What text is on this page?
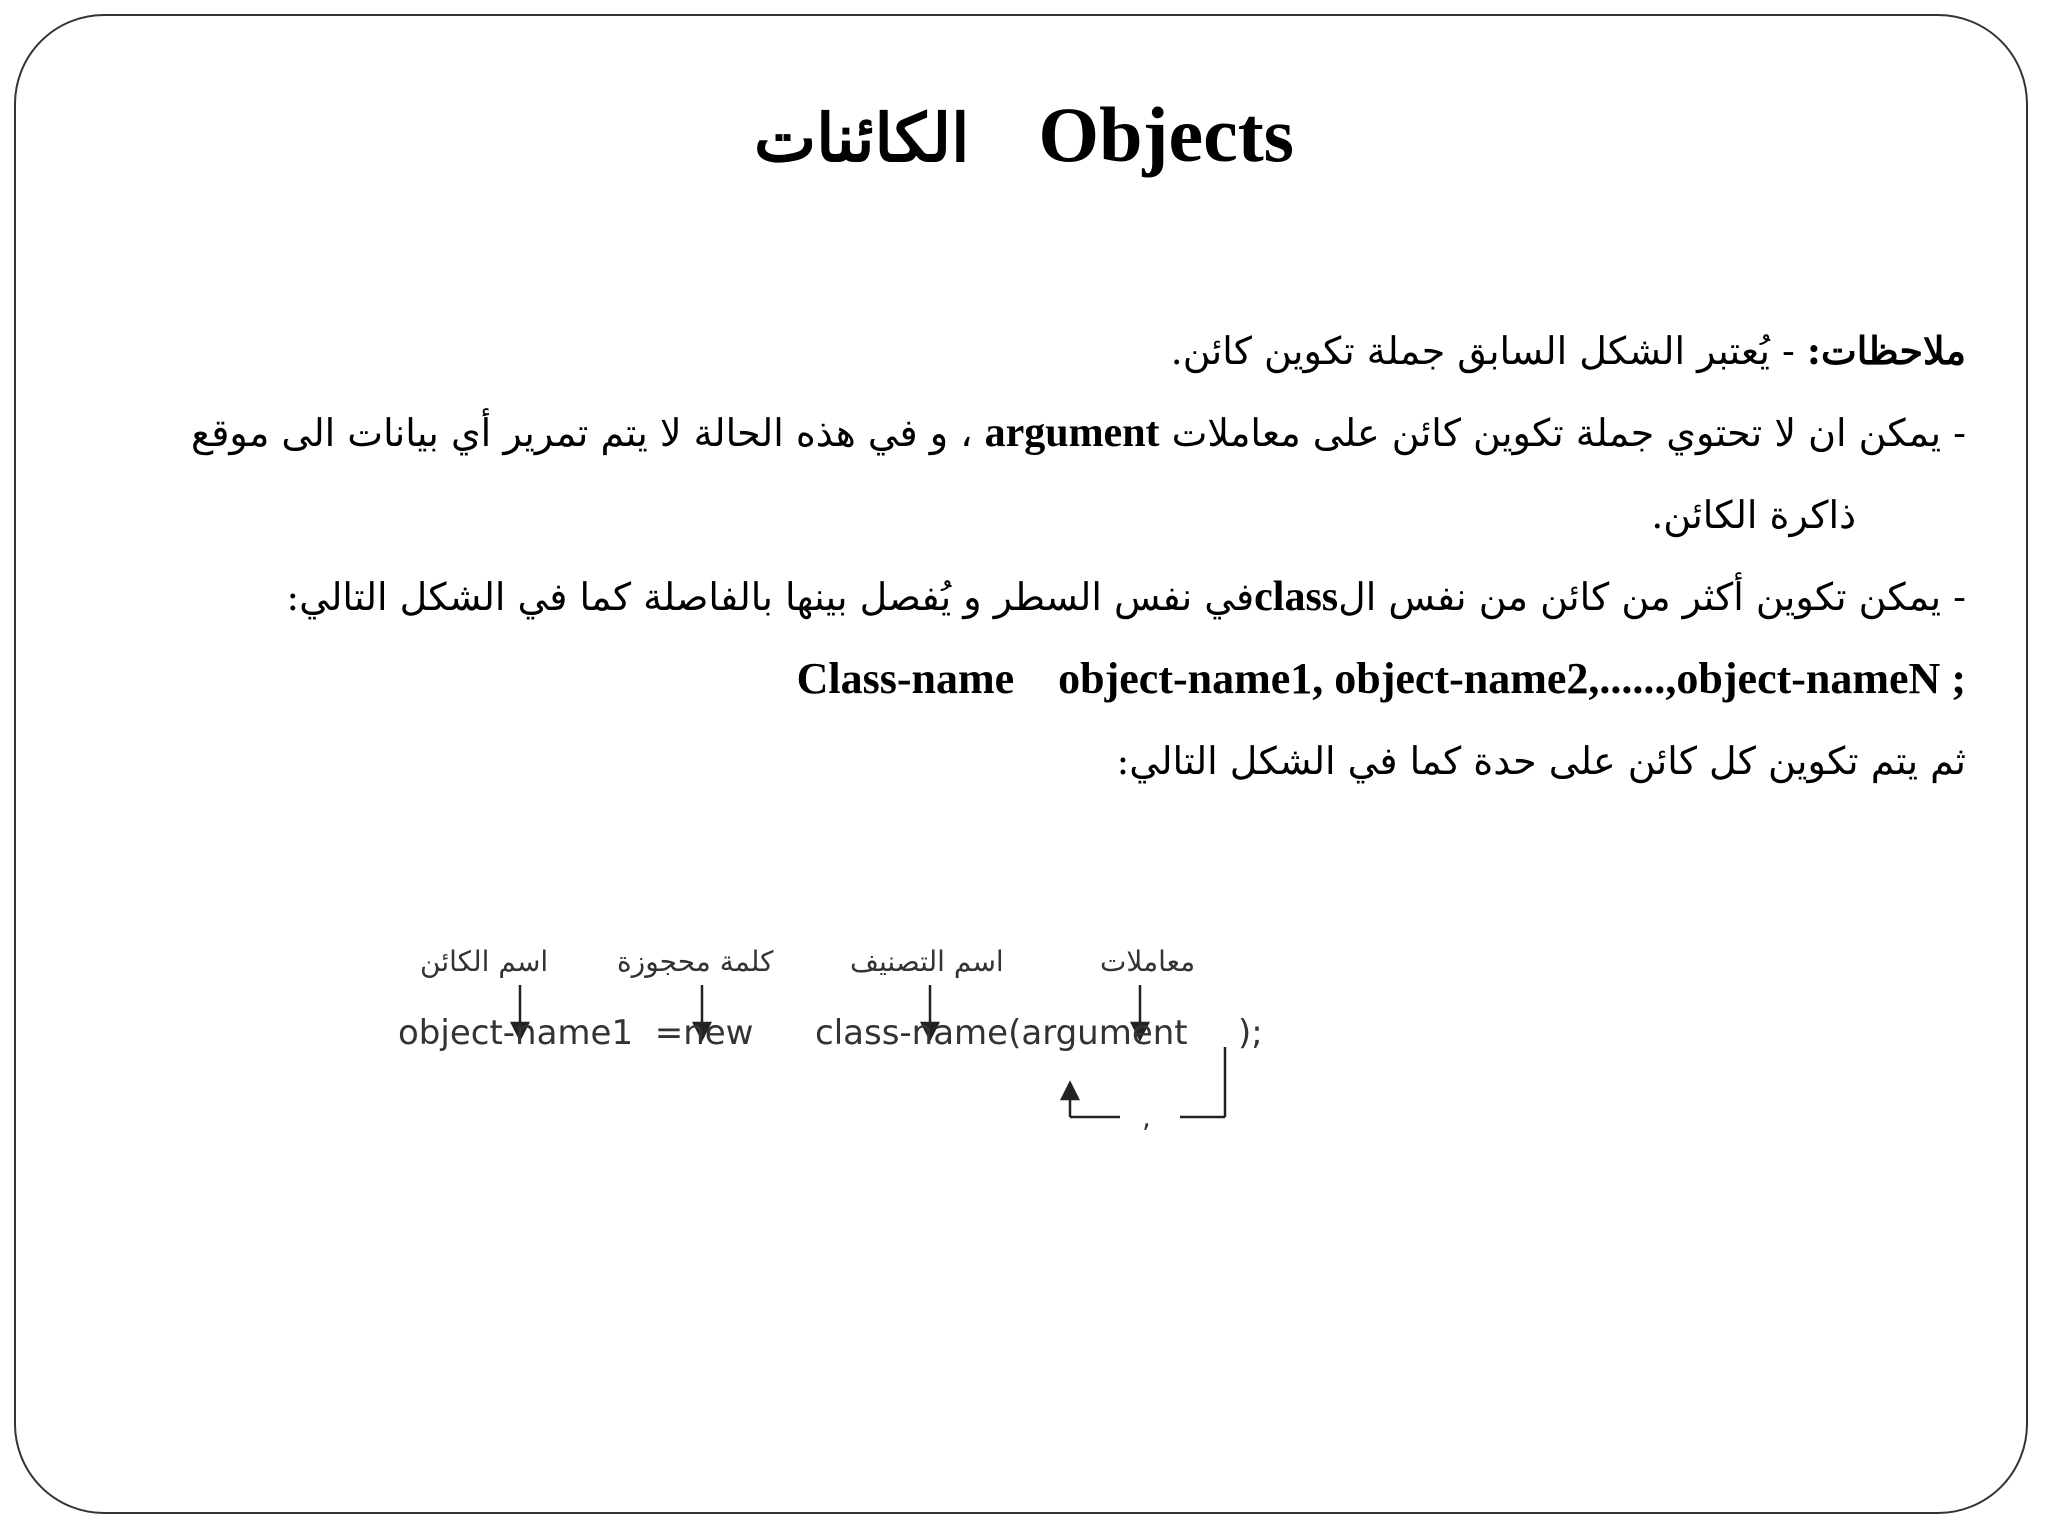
الكائنات Objects
ملاحظات: - يُعتبر الشكل السابق جملة تكوين كائن.
- يمكن ان لا تحتوي جملة تكوين كائن على معاملات argument ، و في هذه الحالة لا يتم تمرير أي بيانات الى موقع
ذاكرة الكائن.
- يمكن تكوين أكثر من كائن من نفس الclassفي نفس السطر و يُفصل بينها بالفاصلة كما في الشكل التالي:
Class-name    object-name1, object-name2,......,object-nameN ;
ثم يتم تكوين كل كائن على حدة كما في الشكل التالي:
اسم الكائن كلمة محجوزة	اسم التصنيف	معاملات
object-name1  =new class-name(argument );
,
